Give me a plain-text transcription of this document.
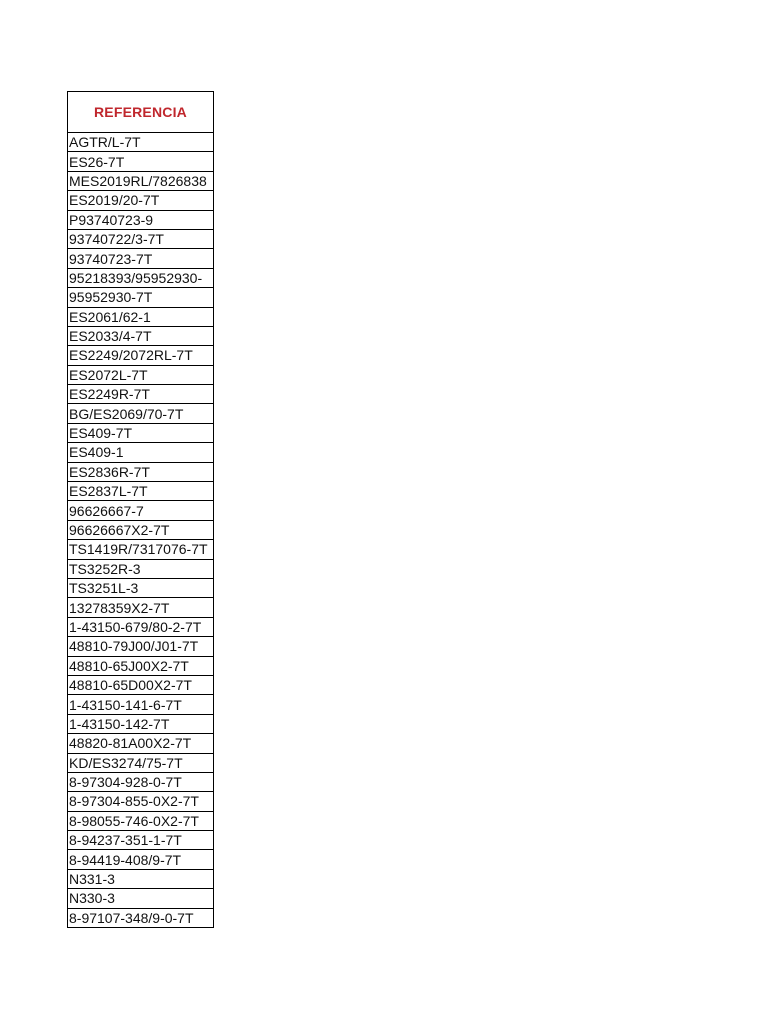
REFERENCIA
AGTR/L-7T
ES26-7T
MES2019RL/7826838
ES2019/20-7T
P93740723-9
93740722/3-7T
93740723-7T
95218393/95952930-
95952930-7T
ES2061/62-1
ES2033/4-7T
ES2249/2072RL-7T
ES2072L-7T
ES2249R-7T
BG/ES2069/70-7T
ES409-7T
ES409-1
ES2836R-7T
ES2837L-7T
96626667-7
96626667X2-7T
TS1419R/7317076-7T
TS3252R-3
TS3251L-3
13278359X2-7T
1-43150-679/80-2-7T
48810-79J00/J01-7T
48810-65J00X2-7T
48810-65D00X2-7T
1-43150-141-6-7T
1-43150-142-7T
48820-81A00X2-7T
KD/ES3274/75-7T
8-97304-928-0-7T
8-97304-855-0X2-7T
8-98055-746-0X2-7T
8-94237-351-1-7T
8-94419-408/9-7T
N331-3
N330-3
8-97107-348/9-0-7T
